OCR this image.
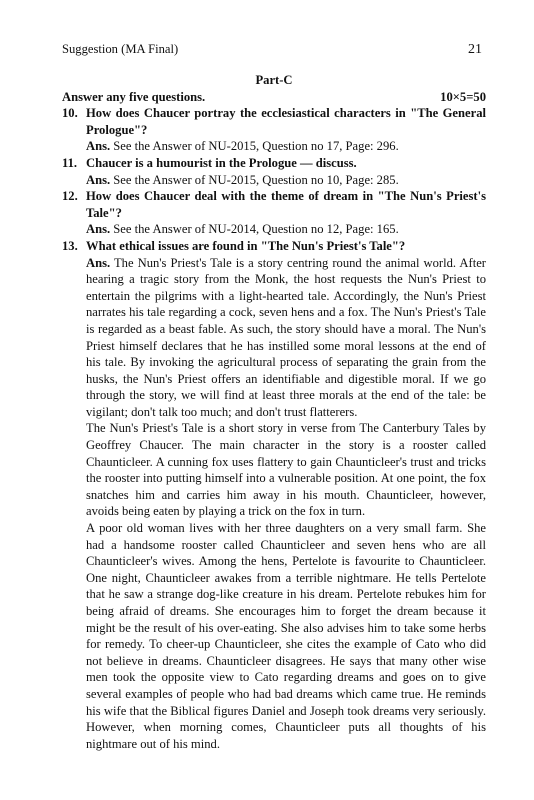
Suggestion (MA Final)	21
Part-C
Answer any five questions.	10×5=50
10. How does Chaucer portray the ecclesiastical characters in "The General Prologue"?
Ans. See the Answer of NU-2015, Question no 17, Page: 296.
11. Chaucer is a humourist in the Prologue — discuss.
Ans. See the Answer of NU-2015, Question no 10, Page: 285.
12. How does Chaucer deal with the theme of dream in "The Nun's Priest's Tale"?
Ans. See the Answer of NU-2014, Question no 12, Page: 165.
13. What ethical issues are found in "The Nun's Priest's Tale"?
Ans. The Nun's Priest's Tale is a story centring round the animal world. After hearing a tragic story from the Monk, the host requests the Nun's Priest to entertain the pilgrims with a light-hearted tale. Accordingly, the Nun's Priest narrates his tale regarding a cock, seven hens and a fox. The Nun's Priest's Tale is regarded as a beast fable. As such, the story should have a moral. The Nun's Priest himself declares that he has instilled some moral lessons at the end of his tale. By invoking the agricultural process of separating the grain from the husks, the Nun's Priest offers an identifiable and digestible moral. If we go through the story, we will find at least three morals at the end of the tale: be vigilant; don't talk too much; and don't trust flatterers.
The Nun's Priest's Tale is a short story in verse from The Canterbury Tales by Geoffrey Chaucer. The main character in the story is a rooster called Chaunticleer. A cunning fox uses flattery to gain Chaunticleer's trust and tricks the rooster into putting himself into a vulnerable position. At one point, the fox snatches him and carries him away in his mouth. Chaunticleer, however, avoids being eaten by playing a trick on the fox in turn.
A poor old woman lives with her three daughters on a very small farm. She had a handsome rooster called Chaunticleer and seven hens who are all Chaunticleer's wives. Among the hens, Pertelote is favourite to Chaunticleer. One night, Chaunticleer awakes from a terrible nightmare. He tells Pertelote that he saw a strange dog-like creature in his dream. Pertelote rebukes him for being afraid of dreams. She encourages him to forget the dream because it might be the result of his over-eating. She also advises him to take some herbs for remedy. To cheer-up Chaunticleer, she cites the example of Cato who did not believe in dreams. Chaunticleer disagrees. He says that many other wise men took the opposite view to Cato regarding dreams and goes on to give several examples of people who had bad dreams which came true. He reminds his wife that the Biblical figures Daniel and Joseph took dreams very seriously. However, when morning comes, Chaunticleer puts all thoughts of his nightmare out of his mind.
